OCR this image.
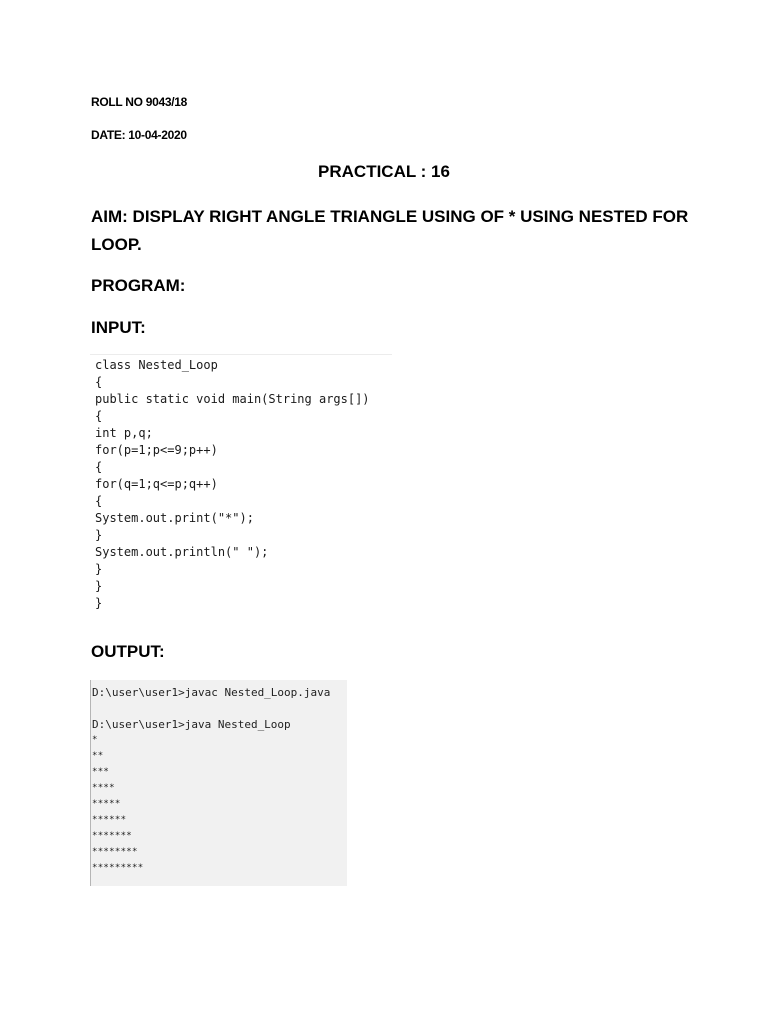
ROLL NO 9043/18
DATE: 10-04-2020
PRACTICAL : 16
AIM: DISPLAY RIGHT ANGLE TRIANGLE USING OF * USING NESTED FOR LOOP.
PROGRAM:
INPUT:
class Nested_Loop
{
public static void main(String args[])
{
int p,q;
for(p=1;p<=9;p++)
{
for(q=1;q<=p;q++)
{
System.out.print("*");
}
System.out.println(" ");
}
}
}
OUTPUT:
D:\user\user1>javac Nested_Loop.java
D:\user\user1>java Nested_Loop
*
**
***
****
*****
******
*******
********
*********
